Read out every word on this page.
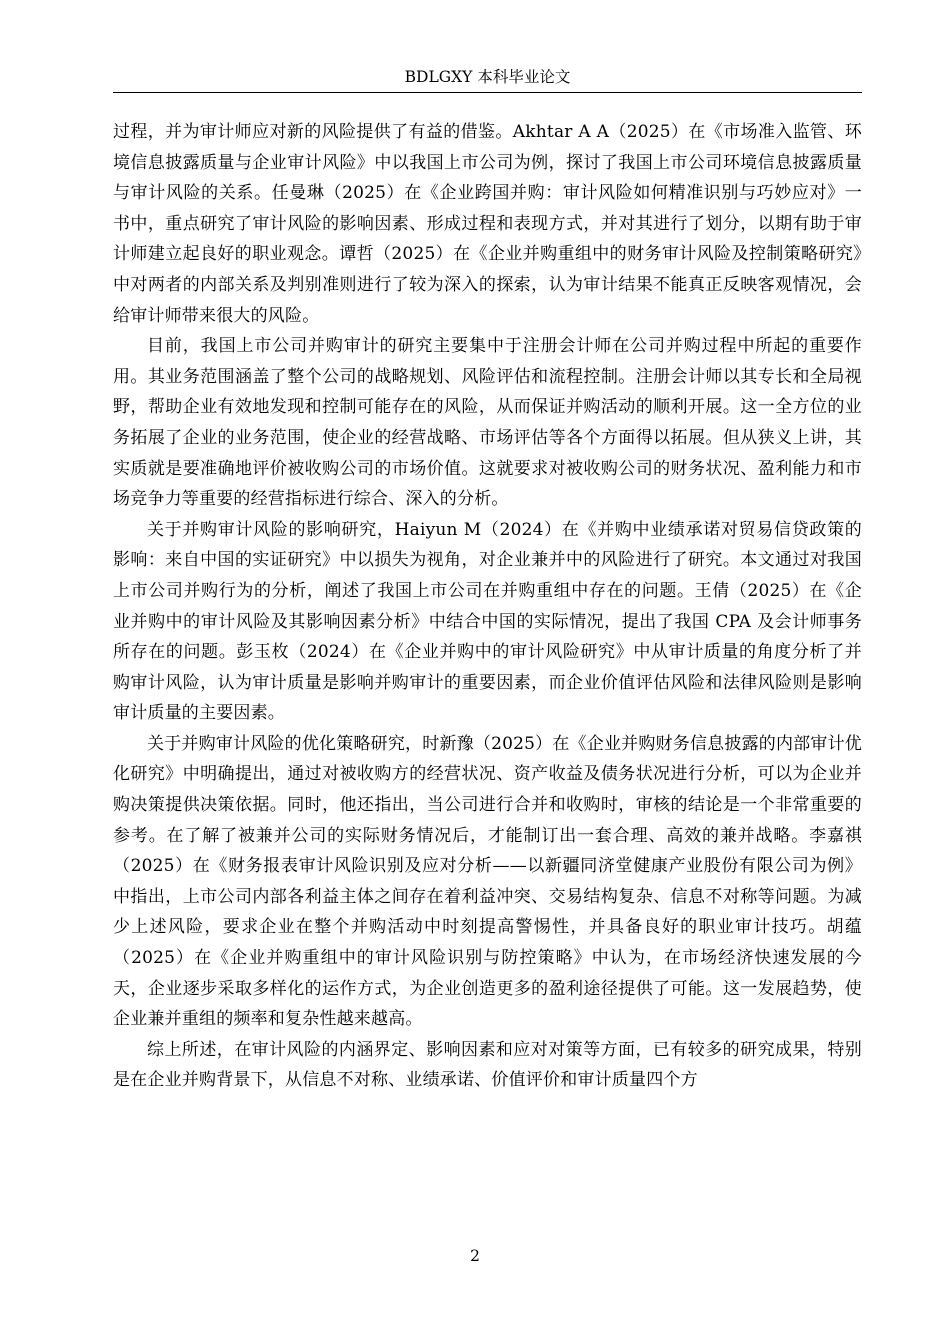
BDLGXY 本科毕业论文

过程，并为审计师应对新的风险提供了有益的借鉴。Akhtar A A（2025）在《市场准入监管、环境信息披露质量与企业审计风险》中以我国上市公司为例，探讨了我国上市公司环境信息披露质量与审计风险的关系。任曼琳（2025）在《企业跨国并购：审计风险如何精准识别与巧妙应对》一书中，重点研究了审计风险的影响因素、形成过程和表现方式，并对其进行了划分，以期有助于审计师建立起良好的职业观念。谭哲（2025）在《企业并购重组中的财务审计风险及控制策略研究》中对两者的内部关系及判别准则进行了较为深入的探索，认为审计结果不能真正反映客观情况，会给审计师带来很大的风险。

目前，我国上市公司并购审计的研究主要集中于注册会计师在公司并购过程中所起的重要作用。其业务范围涵盖了整个公司的战略规划、风险评估和流程控制。注册会计师以其专长和全局视野，帮助企业有效地发现和控制可能存在的风险，从而保证并购活动的顺利开展。这一全方位的业务拓展了企业的业务范围，使企业的经营战略、市场评估等各个方面得以拓展。但从狭义上讲，其实质就是要准确地评价被收购公司的市场价值。这就要求对被收购公司的财务状况、盈利能力和市场竞争力等重要的经营指标进行综合、深入的分析。

关于并购审计风险的影响研究，Haiyun M（2024）在《并购中业绩承诺对贸易信贷政策的影响：来自中国的实证研究》中以损失为视角，对企业兼并中的风险进行了研究。本文通过对我国上市公司并购行为的分析，阐述了我国上市公司在并购重组中存在的问题。王倩（2025）在《企业并购中的审计风险及其影响因素分析》中结合中国的实际情况，提出了我国 CPA 及会计师事务所存在的问题。彭玉枚（2024）在《企业并购中的审计风险研究》中从审计质量的角度分析了并购审计风险，认为审计质量是影响并购审计的重要因素，而企业价值评估风险和法律风险则是影响审计质量的主要因素。

关于并购审计风险的优化策略研究，时新豫（2025）在《企业并购财务信息披露的内部审计优化研究》中明确提出，通过对被收购方的经营状况、资产收益及债务状况进行分析，可以为企业并购决策提供决策依据。同时，他还指出，当公司进行合并和收购时，审核的结论是一个非常重要的参考。在了解了被兼并公司的实际财务情况后，才能制订出一套合理、高效的兼并战略。李嘉祺（2025）在《财务报表审计风险识别及应对分析——以新疆同济堂健康产业股份有限公司为例》中指出，上市公司内部各利益主体之间存在着利益冲突、交易结构复杂、信息不对称等问题。为减少上述风险，要求企业在整个并购活动中时刻提高警惕性，并具备良好的职业审计技巧。胡蕴（2025）在《企业并购重组中的审计风险识别与防控策略》中认为，在市场经济快速发展的今天，企业逐步采取多样化的运作方式，为企业创造更多的盈利途径提供了可能。这一发展趋势，使企业兼并重组的频率和复杂性越来越高。

综上所述，在审计风险的内涵界定、影响因素和应对对策等方面，已有较多的研究成果，特别是在企业并购背景下，从信息不对称、业绩承诺、价值评价和审计质量四个方

2
